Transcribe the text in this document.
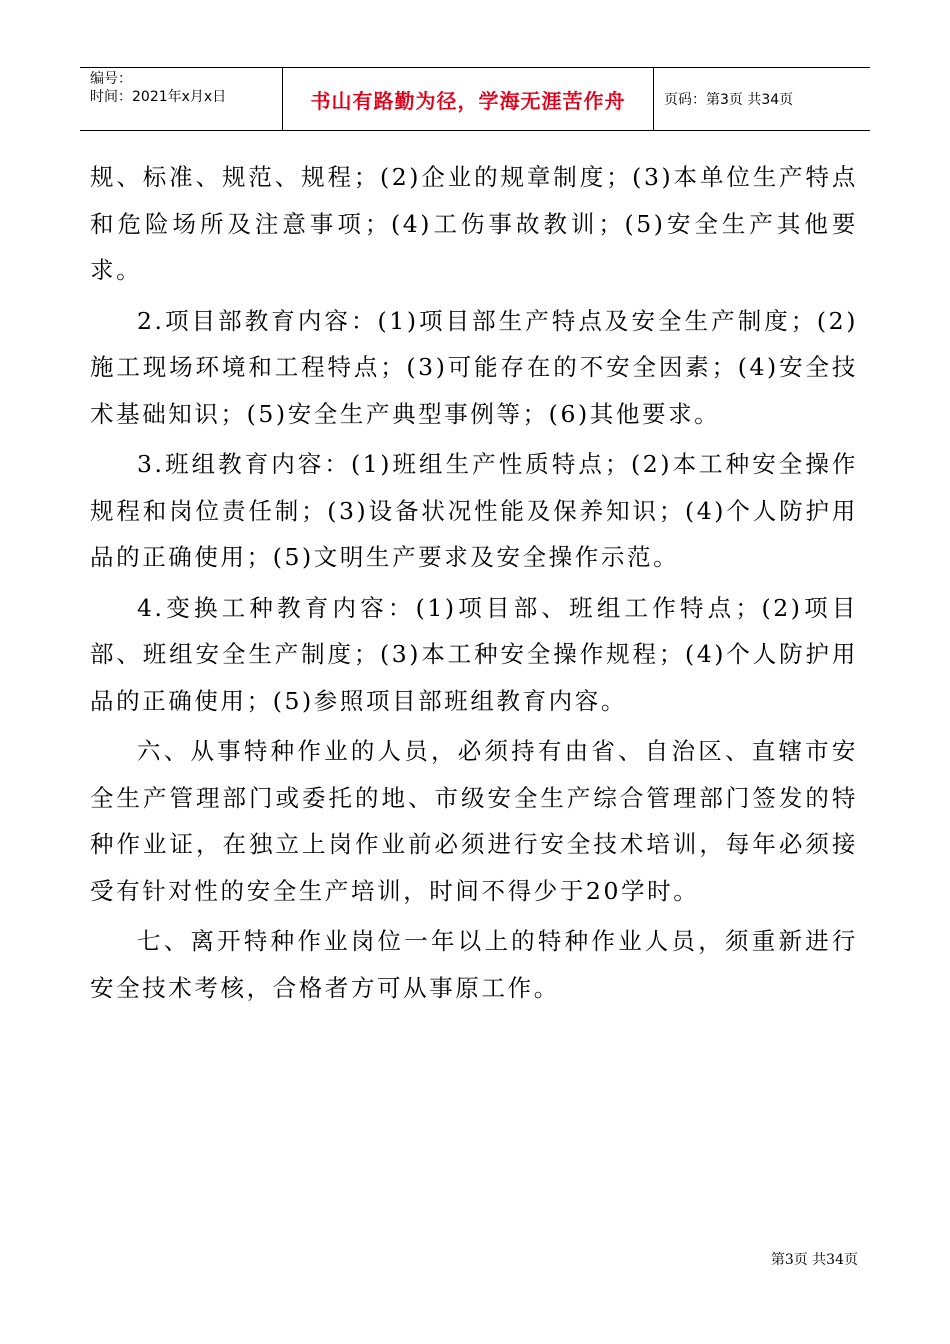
编号：
时间：2021年x月x日	书山有路勤为径，学海无涯苦作舟	页码：第3页 共34页

规、标准、规范、规程；(2)企业的规章制度；(3)本单位生产特点和危险场所及注意事项；(4)工伤事故教训；(5)安全生产其他要求。

2.项目部教育内容：(1)项目部生产特点及安全生产制度；(2)施工现场环境和工程特点；(3)可能存在的不安全因素；(4)安全技术基础知识；(5)安全生产典型事例等；(6)其他要求。

3.班组教育内容：(1)班组生产性质特点；(2)本工种安全操作规程和岗位责任制；(3)设备状况性能及保养知识；(4)个人防护用品的正确使用；(5)文明生产要求及安全操作示范。

4.变换工种教育内容：(1)项目部、班组工作特点；(2)项目部、班组安全生产制度；(3)本工种安全操作规程；(4)个人防护用品的正确使用；(5)参照项目部班组教育内容。

六、从事特种作业的人员，必须持有由省、自治区、直辖市安全生产管理部门或委托的地、市级安全生产综合管理部门签发的特种作业证，在独立上岗作业前必须进行安全技术培训，每年必须接受有针对性的安全生产培训，时间不得少于20学时。

七、离开特种作业岗位一年以上的特种作业人员，须重新进行安全技术考核，合格者方可从事原工作。

第3页 共34页
